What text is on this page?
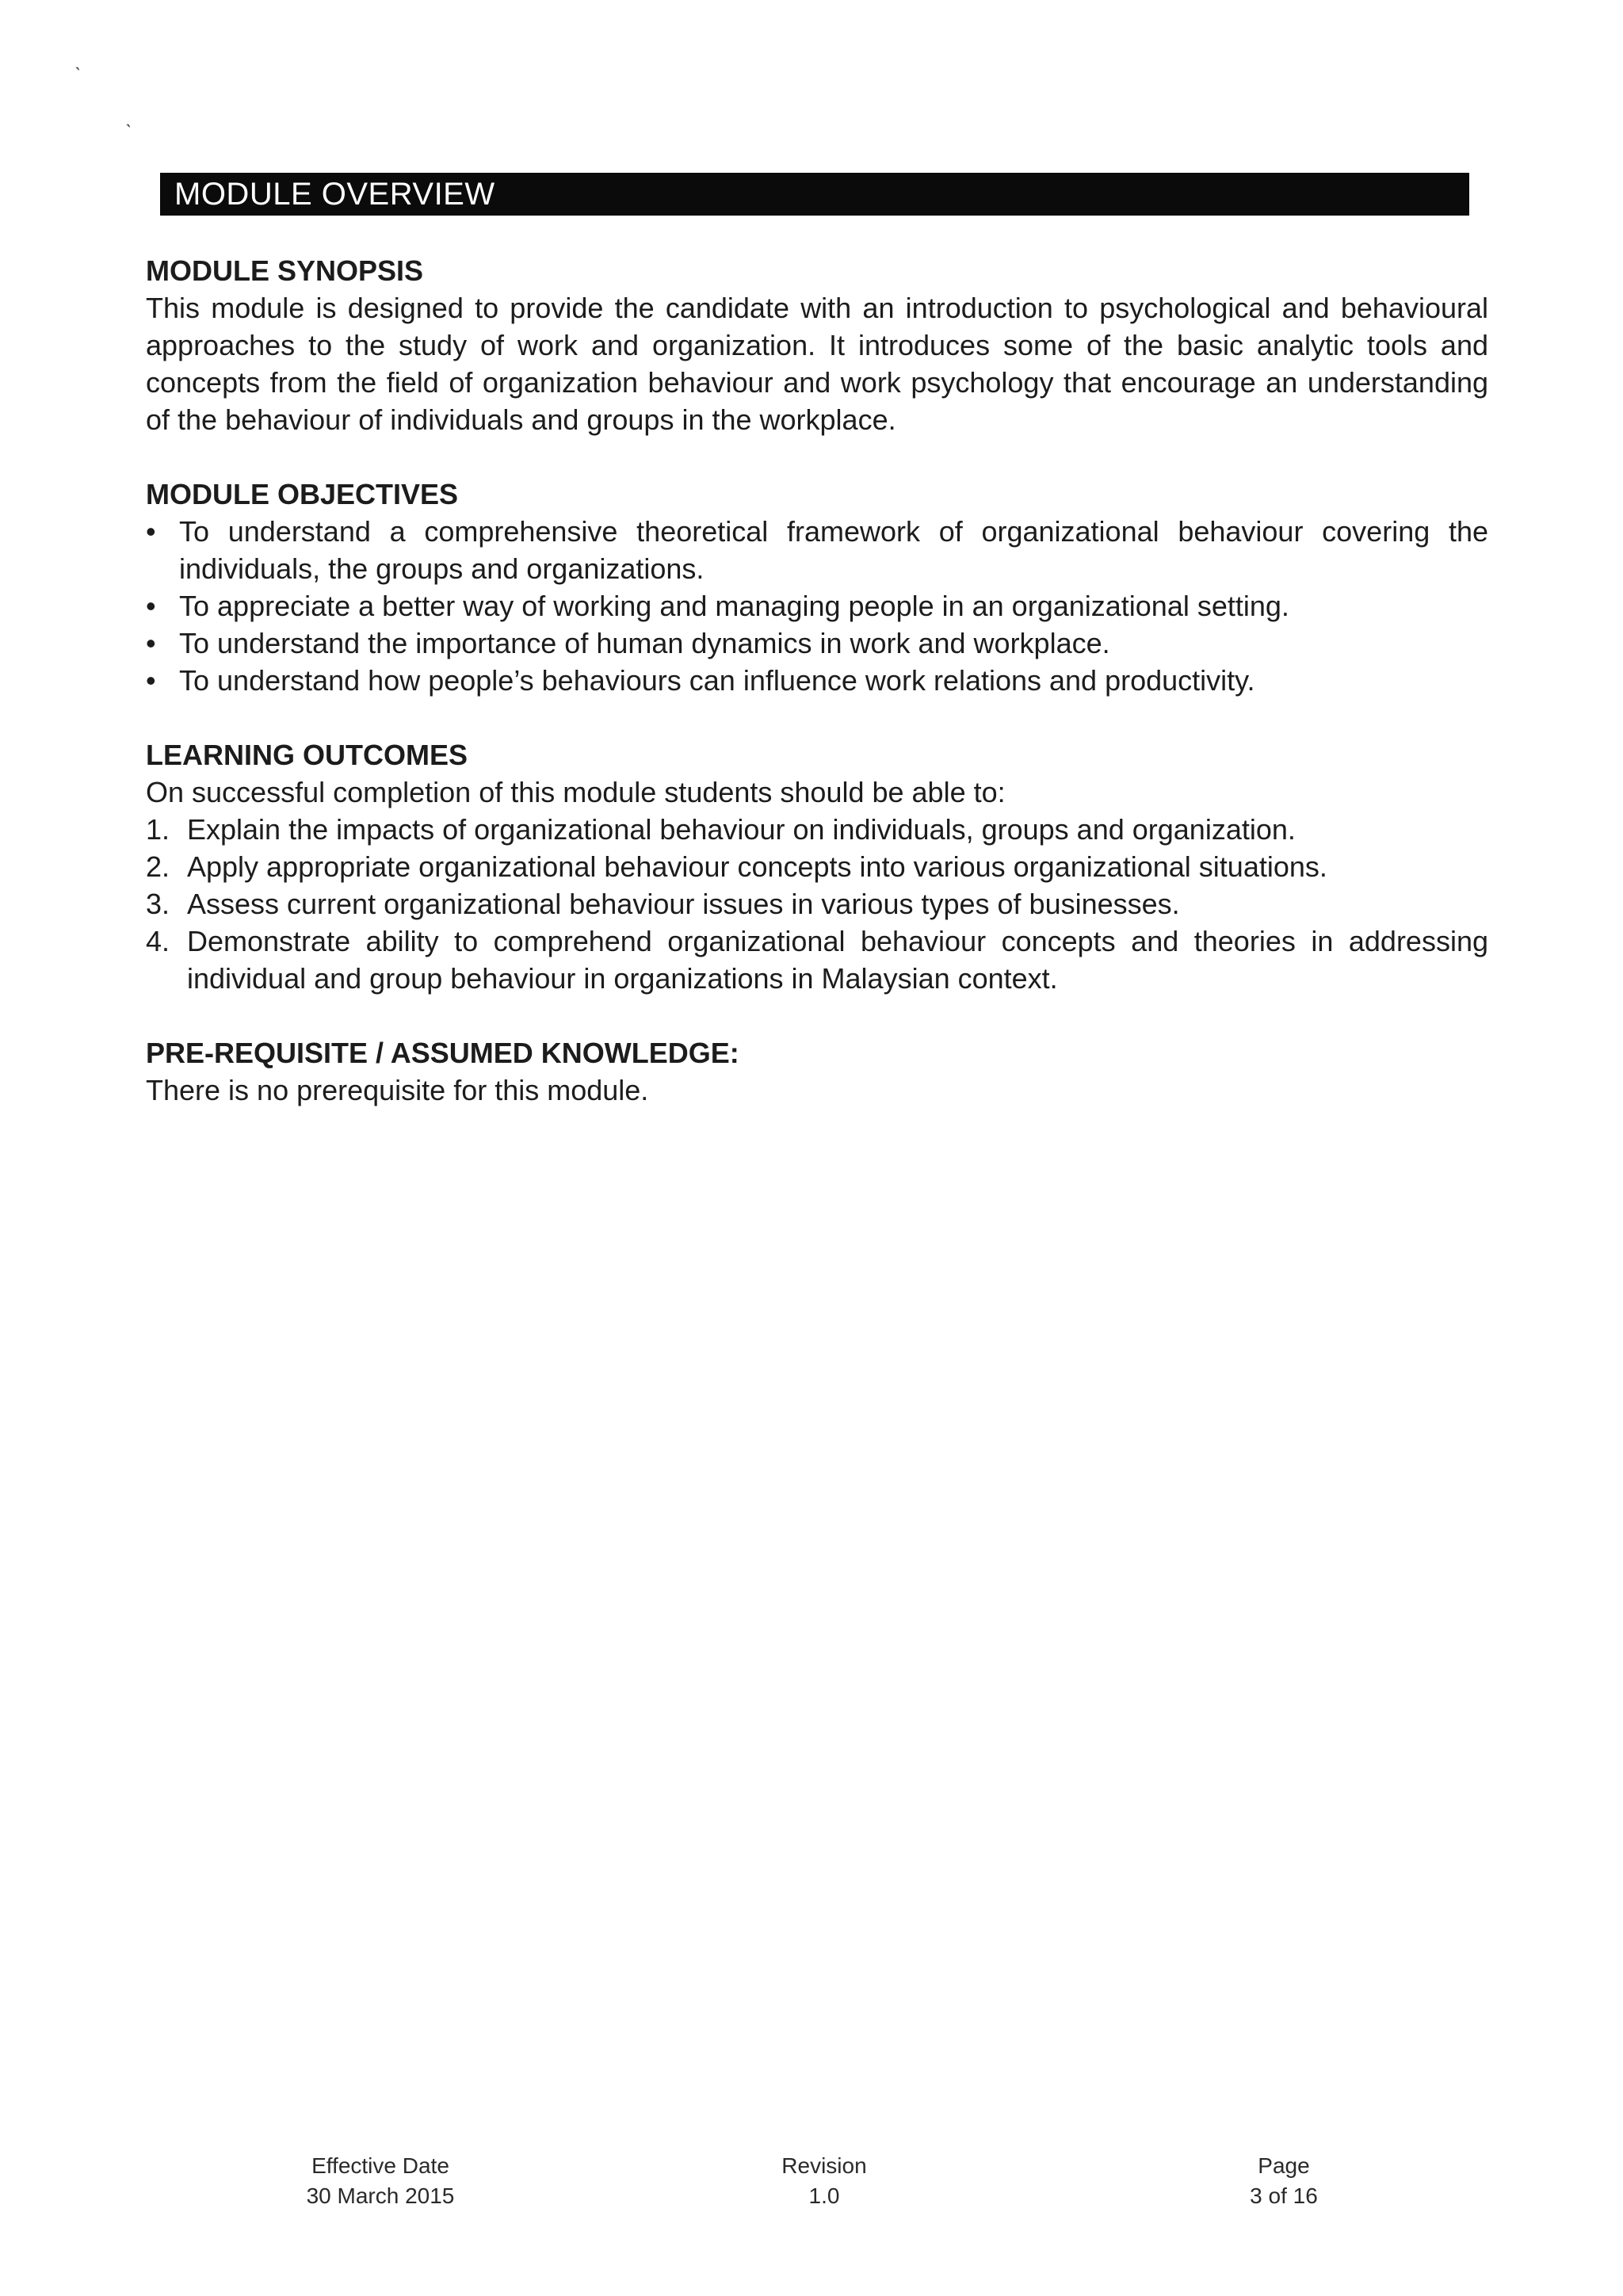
ˎ
ˎ
MODULE OVERVIEW

MODULE SYNOPSIS

This module is designed to provide the candidate with an introduction to psychological and behavioural approaches to the study of work and organization. It introduces some of the basic analytic tools and concepts from the field of organization behaviour and work psychology that encourage an understanding of the behaviour of individuals and groups in the workplace.

MODULE OBJECTIVES

• To understand a comprehensive theoretical framework of organizational behaviour covering the individuals, the groups and organizations.
• To appreciate a better way of working and managing people in an organizational setting.
• To understand the importance of human dynamics in work and workplace.
• To understand how people’s behaviours can influence work relations and productivity.

LEARNING OUTCOMES

On successful completion of this module students should be able to:

1. Explain the impacts of organizational behaviour on individuals, groups and organization.
2. Apply appropriate organizational behaviour concepts into various organizational situations.
3. Assess current organizational behaviour issues in various types of businesses.
4. Demonstrate ability to comprehend organizational behaviour concepts and theories in addressing individual and group behaviour in organizations in Malaysian context.

PRE-REQUISITE / ASSUMED KNOWLEDGE:

There is no prerequisite for this module.

Effective Date
30 March 2015
Revision
1.0
Page
3 of 16
